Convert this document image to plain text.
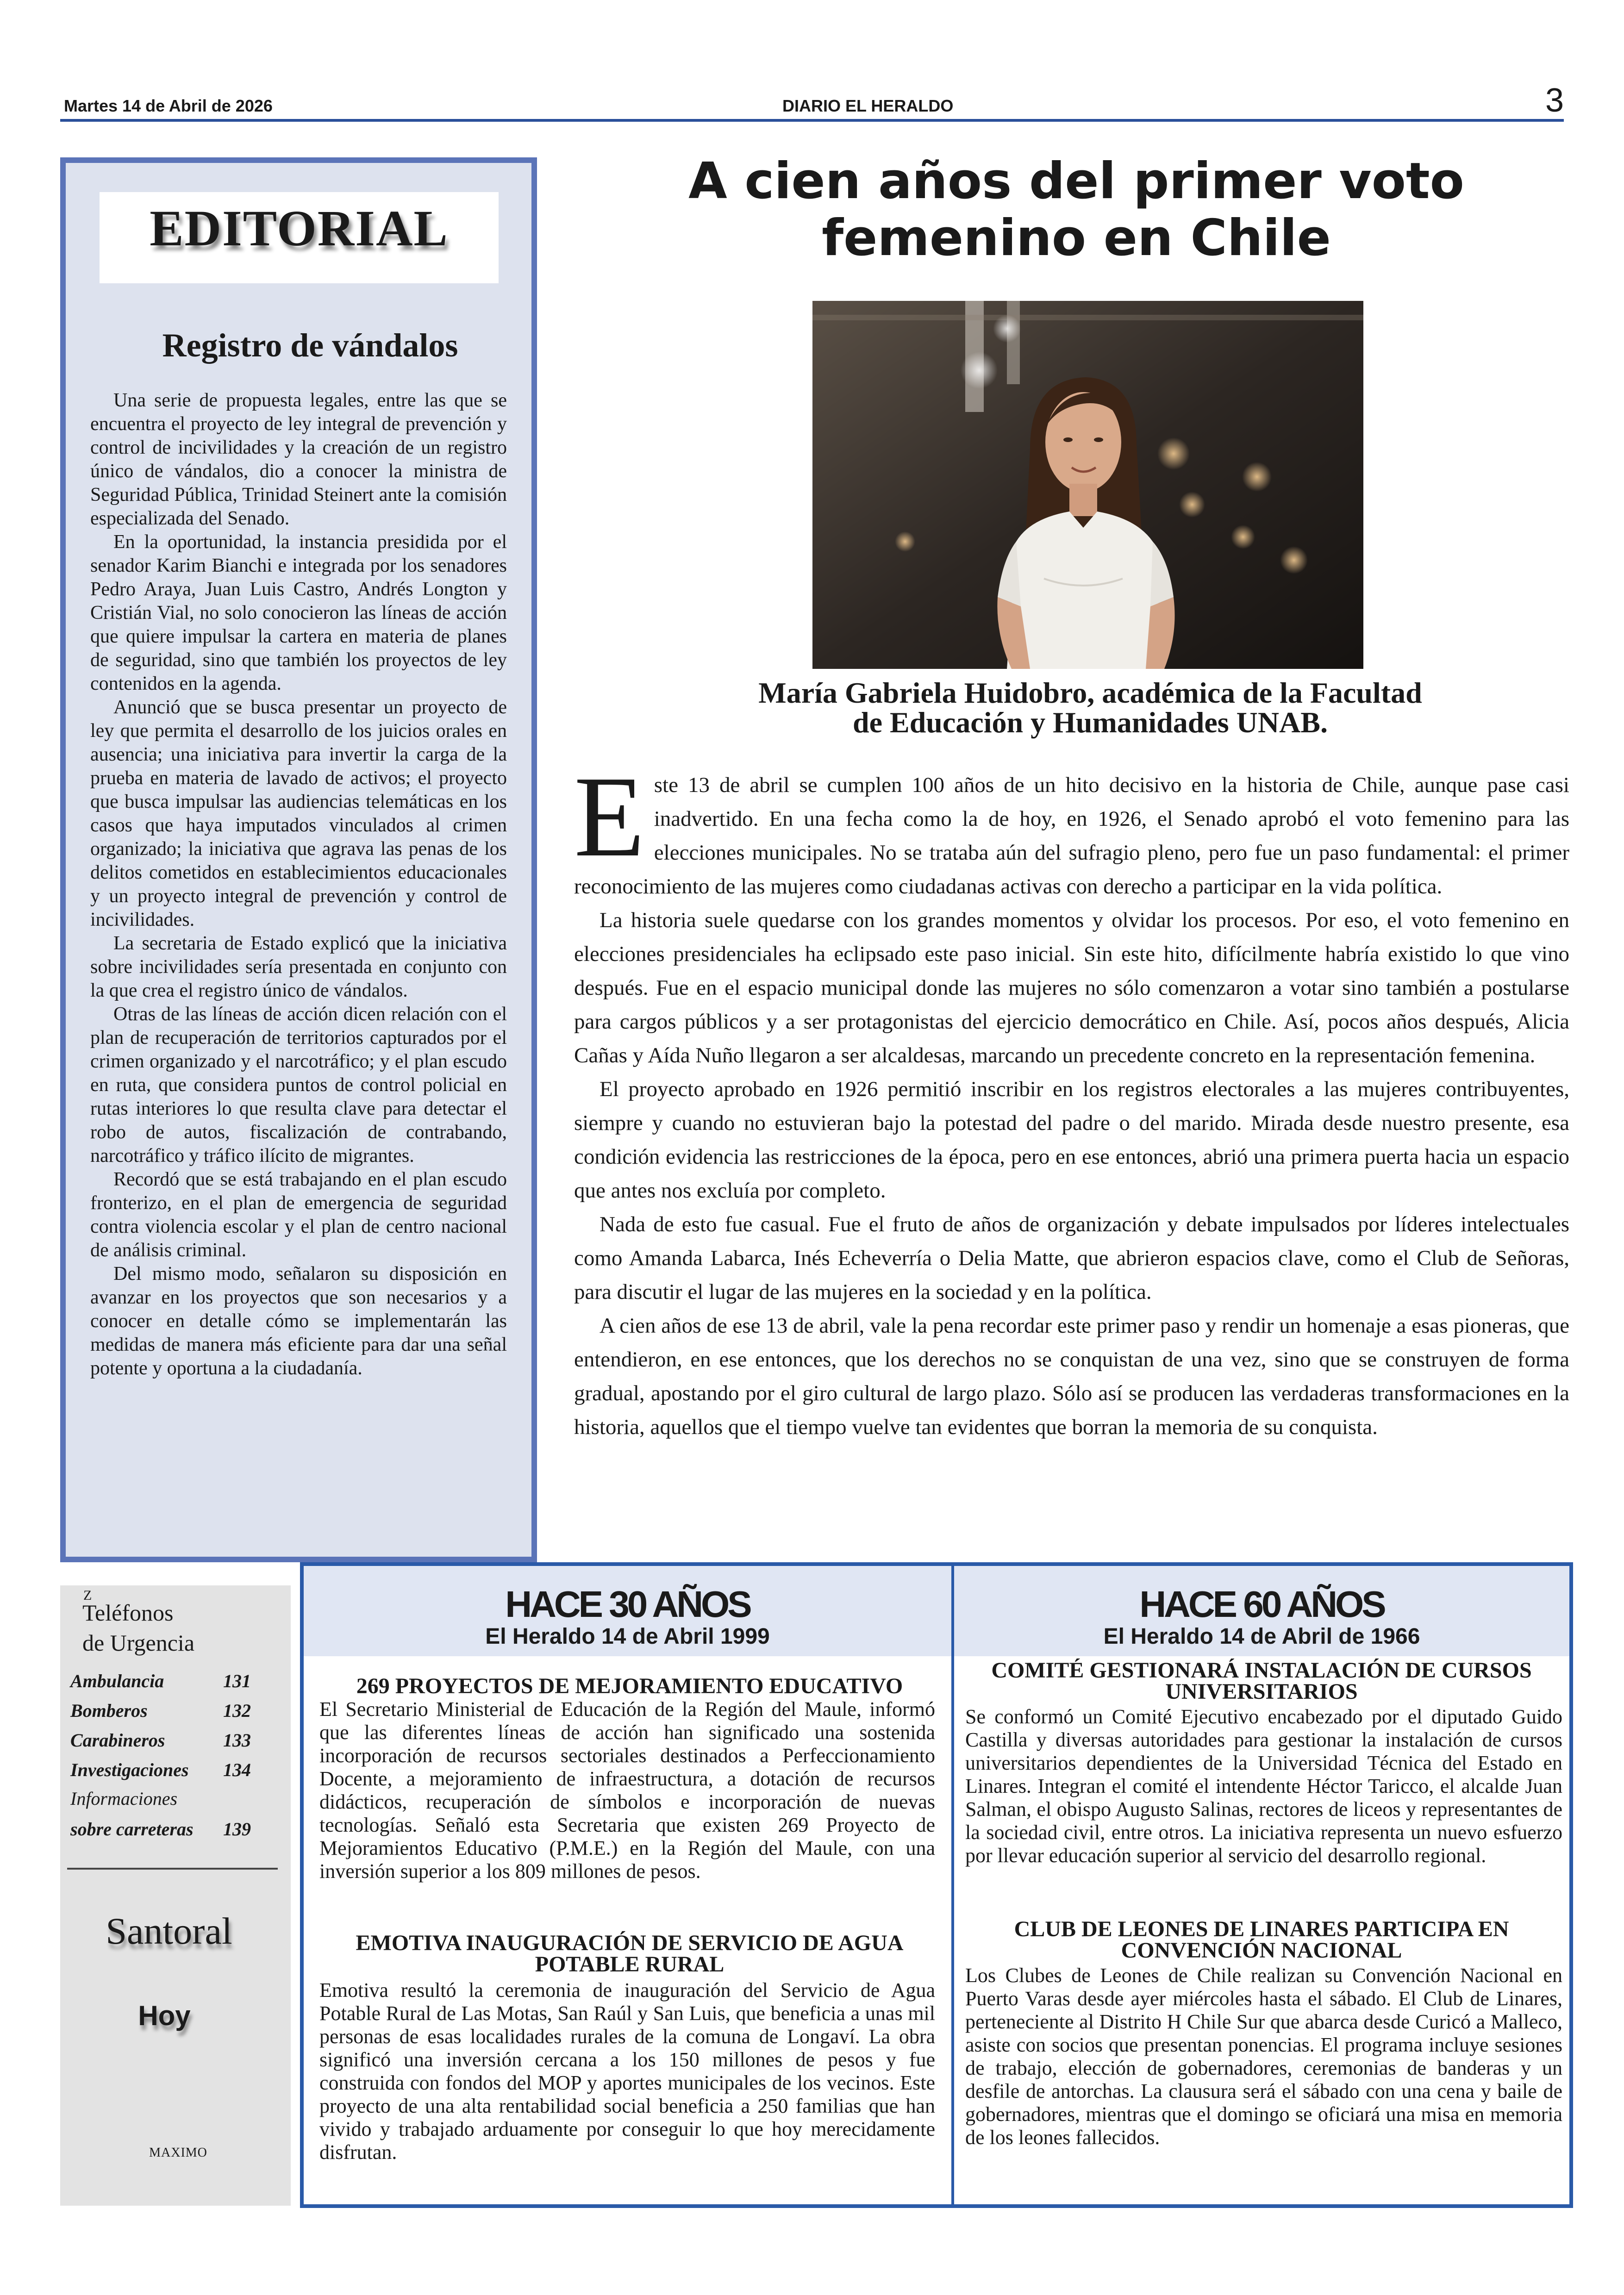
Martes 14 de Abril de 2026	DIARIO EL HERALDO	3
EDITORIAL
Registro de vándalos

Una serie de propuesta legales, entre las que se encuentra el proyecto de ley integral de prevención y control de incivilidades y la creación de un registro único de vándalos, dio a conocer la ministra de Seguridad Pública, Trinidad Steinert ante la comisión especializada del Senado.

En la oportunidad, la instancia presidida por el senador Karim Bianchi e integrada por los senadores Pedro Araya, Juan Luis Castro, Andrés Longton y Cristián Vial, no solo conocieron las líneas de acción que quiere impulsar la cartera en materia de planes de seguridad, sino que también los proyectos de ley contenidos en la agenda.

Anunció que se busca presentar un proyecto de ley que permita el desarrollo de los juicios orales en ausencia; una iniciativa para invertir la carga de la prueba en materia de lavado de activos; el proyecto que busca impulsar las audiencias telemáticas en los casos que haya imputados vinculados al crimen organizado; la iniciativa que agrava las penas de los delitos cometidos en establecimientos educacionales y un proyecto integral de prevención y control de incivilidades.

La secretaria de Estado explicó que la iniciativa sobre incivilidades sería presentada en conjunto con la que crea el registro único de vándalos.

Otras de las líneas de acción dicen relación con el plan de recuperación de territorios capturados por el crimen organizado y el narcotráfico; y el plan escudo en ruta, que considera puntos de control policial en rutas interiores lo que resulta clave para detectar el robo de autos, fiscalización de contrabando, narcotráfico y tráfico ilícito de migrantes.

Recordó que se está trabajando en el plan escudo fronterizo, en el plan de emergencia de seguridad contra violencia escolar y el plan de centro nacional de análisis criminal.

Del mismo modo, señalaron su disposición en avanzar en los proyectos que son necesarios y a conocer en detalle cómo se implementarán las medidas de manera más eficiente para dar una señal potente y oportuna a la ciudadanía.

A cien años del primer voto femenino en Chile
María Gabriela Huidobro, académica de la Facultad
de Educación y Humanidades UNAB.

Este 13 de abril se cumplen 100 años de un hito decisivo en la historia de Chile, aunque pase casi inadvertido. En una fecha como la de hoy, en 1926, el Senado aprobó el voto femenino para las elecciones municipales. No se trataba aún del sufragio pleno, pero fue un paso fundamental: el primer reconocimiento de las mujeres como ciudadanas activas con derecho a participar en la vida política.

La historia suele quedarse con los grandes momentos y olvidar los procesos. Por eso, el voto femenino en elecciones presidenciales ha eclipsado este paso inicial. Sin este hito, difícilmente habría existido lo que vino después. Fue en el espacio municipal donde las mujeres no sólo comenzaron a votar sino también a postularse para cargos públicos y a ser protagonistas del ejercicio democrático en Chile. Así, pocos años después, Alicia Cañas y Aída Nuño llegaron a ser alcaldesas, marcando un precedente concreto en la representación femenina.

El proyecto aprobado en 1926 permitió inscribir en los registros electorales a las mujeres contribuyentes, siempre y cuando no estuvieran bajo la potestad del padre o del marido. Mirada desde nuestro presente, esa condición evidencia las restricciones de la época, pero en ese entonces, abrió una primera puerta hacia un espacio que antes nos excluía por completo.

Nada de esto fue casual. Fue el fruto de años de organización y debate impulsados por líderes intelectuales como Amanda Labarca, Inés Echeverría o Delia Matte, que abrieron espacios clave, como el Club de Señoras, para discutir el lugar de las mujeres en la sociedad y en la política.

A cien años de ese 13 de abril, vale la pena recordar este primer paso y rendir un homenaje a esas pioneras, que entendieron, en ese entonces, que los derechos no se conquistan de una vez, sino que se construyen de forma gradual, apostando por el giro cultural de largo plazo. Sólo así se producen las verdaderas transformaciones en la historia, aquellos que el tiempo vuelve tan evidentes que borran la memoria de su conquista.

Z
Teléfonos
de Urgencia
Ambulancia	131
Bomberos	132
Carabineros	133
Investigaciones 134
Informaciones
sobre carreteras 139
Santoral
Hoy
MAXIMO
HACE 30 AÑOS
El Heraldo 14 de Abril 1999
269 PROYECTOS DE MEJORAMIENTO EDUCATIVO
El Secretario Ministerial de Educación de la Región del Maule, informó que las diferentes líneas de acción han significado una sostenida incorporación de recursos sectoriales destinados a Perfeccionamiento Docente, a mejoramiento de infraestructura, a dotación de recursos didácticos, recuperación de símbolos e incorporación de nuevas tecnologías. Señaló esta Secretaria que existen 269 Proyecto de Mejoramientos Educativo (P.M.E.) en la Región del Maule, con una inversión superior a los 809 millones de pesos.
EMOTIVA INAUGURACIÓN DE SERVICIO DE AGUA POTABLE RURAL
Emotiva resultó la ceremonia de inauguración del Servicio de Agua Potable Rural de Las Motas, San Raúl y San Luis, que beneficia a unas mil personas de esas localidades rurales de la comuna de Longaví. La obra significó una inversión cercana a los 150 millones de pesos y fue construida con fondos del MOP y aportes municipales de los vecinos. Este proyecto de una alta rentabilidad social beneficia a 250 familias que han vivido y trabajado arduamente por conseguir lo que hoy merecidamente disfrutan.
HACE 60 AÑOS
El Heraldo 14 de Abril de 1966
COMITÉ GESTIONARÁ INSTALACIÓN DE CURSOS UNIVERSITARIOS
Se conformó un Comité Ejecutivo encabezado por el diputado Guido Castilla y diversas autoridades para gestionar la instalación de cursos universitarios dependientes de la Universidad Técnica del Estado en Linares. Integran el comité el intendente Héctor Taricco, el alcalde Juan Salman, el obispo Augusto Salinas, rectores de liceos y representantes de la sociedad civil, entre otros. La iniciativa representa un nuevo esfuerzo por llevar educación superior al servicio del desarrollo regional.
CLUB DE LEONES DE LINARES PARTICIPA EN CONVENCIÓN NACIONAL
Los Clubes de Leones de Chile realizan su Convención Nacional en Puerto Varas desde ayer miércoles hasta el sábado. El Club de Linares, perteneciente al Distrito H Chile Sur que abarca desde Curicó a Malleco, asiste con socios que presentan ponencias. El programa incluye sesiones de trabajo, elección de gobernadores, ceremonias de banderas y un desfile de antorchas. La clausura será el sábado con una cena y baile de gobernadores, mientras que el domingo se oficiará una misa en memoria de los leones fallecidos.
